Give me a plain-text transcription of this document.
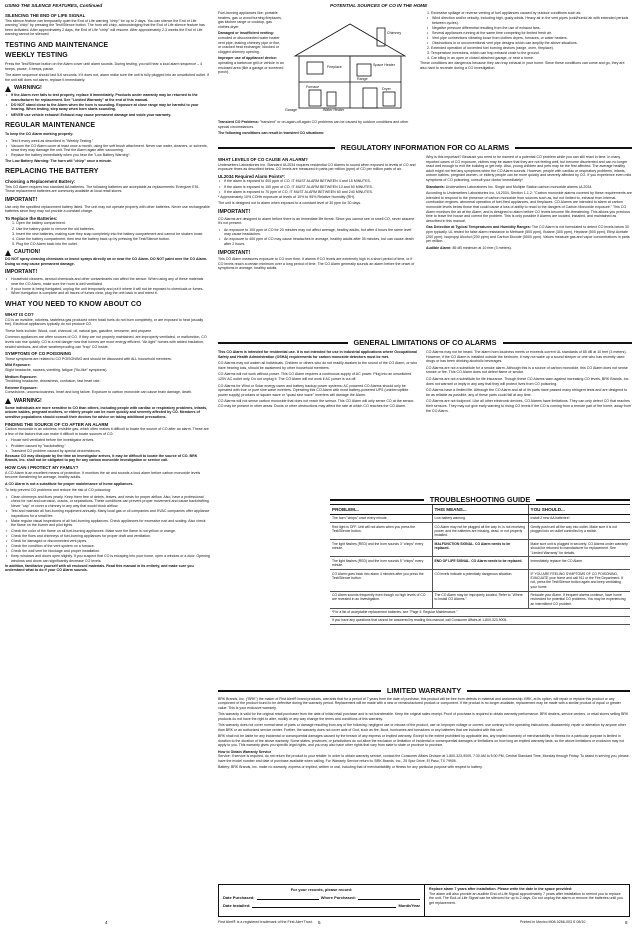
USING THE SILENCE FEATURES, Continued	POTENTIAL SOURCES OF CO IN THE HOME
SILENCING THE END OF LIFE SIGNAL
This silence feature can temporarily quiet the End of Life warning "chirp" for up to 2 days. You can silence the End of Life warning "chirp" by pressing the Test/Silence button. The horn will chirp, acknowledging that the End of Life silence feature has been activated. After approximately 2 days, the End of Life "chirp" will resume. After approximately 2-3 weeks the End of Life warning cannot be silenced.
TESTING AND MAINTENANCE
WEEKLY TESTING
Press the Test/Silence button on the Alarm cover until alarm sounds. During testing, you will hear a loud alarm sequence – 4 beeps, pause, 4 beeps, pause.
The alarm sequence should last 5-6 seconds. If it does not, alarm make sure the unit is fully plugged into an unswitched outlet. If the unit still does not alarm, replace it immediately.
WARNING!
• If the Alarm ever fails to test properly, replace it immediately. Products under warranty may be returned to the manufacturer for replacement. See "Limited Warranty" at the end of this manual.
• DO NOT stand close to the Alarm when the horn is sounding. Exposure at close range may be harmful to your hearing. When testing, step away when horn starts sounding.
• NEVER use vehicle exhaust! Exhaust may cause permanent damage and voids your warranty.
REGULAR MAINTENANCE
To keep the CO Alarm working properly:
• Test it every week as described in "Weekly Testing."
• Vacuum the CO Alarm cover at least once a month, using the soft brush attachment. Never use water, cleaners, or solvents, since they may damage the unit. Test the Alarm again after vacuuming.
• Replace the battery immediately when you hear the "Low Battery Warning".
The Low Battery Warning: The horn will "chirp" once a minute.
REPLACING THE BATTERY
Choosing a Replacement Battery:
This CO Alarm requires two standard AA batteries. The following batteries are acceptable as replacements: Energizer E91. These replacement batteries are commonly available at local retail stores.
IMPORTANT!
Use only the specified replacement battery listed. The unit may not operate properly with other batteries. Never use rechargeable batteries since they may not provide a constant charge.
To Replace the Batteries:
1. Open the battery compartment.
2. Use the battery guide to remove the old batteries.
3. Insert the new batteries, making sure they snap completely into the battery compartment and cannot be shaken loose.
4. Close the battery compartment, then test the battery back up by pressing the Test/Silence button.
5. Plug the CO Alarm back into the outlet.
CAUTION!
DO NOT spray cleaning chemicals or insect sprays directly on or near the CO Alarm. DO NOT paint over the CO Alarm. Doing so may cause permanent damage.
IMPORTANT!
• Household cleaners, aerosol chemicals and other contaminants can affect the sensor. When using any of these materials near the CO Alarm, make sure the room is well ventilated.
• If your home is being fumigated, unplug the unit temporarily and put it where it will not be exposed to chemicals or fumes. When fumigation is complete and all traces of fumes clear, plug the unit back in and retest it.
WHAT YOU NEED TO KNOW ABOUT CO
WHAT IS CO?
CO is an invisible, odorless, tasteless gas produced when fossil fuels do not burn completely, or are exposed to heat (usually fire). Electrical appliances typically do not produce CO.
These fuels include: Wood, coal, charcoal, oil, natural gas, gasoline, kerosene, and propane.
Common appliances are often sources of CO. If they are not properly maintained, are improperly ventilated, or malfunction, CO levels can rise quickly. CO is a real danger now that homes are more energy efficient. "Air-tight" homes with added insulation, sealed windows, and other weatherproofing can "trap" CO inside.
SYMPTOMS OF CO POISONING
These symptoms are related to CO POISONING and should be discussed with ALL household members.
Mild Exposure:
Slight headache, nausea, vomiting, fatigue ("flu-like" symptoms).
Medium Exposure:
Throbbing headache, drowsiness, confusion, fast heart rate.
Extreme Exposure:
Convulsions, unconsciousness, heart and lung failure. Exposure to carbon monoxide can cause brain damage, death.
WARNING!
Some individuals are more sensitive to CO than others, including people with cardiac or respiratory problems, infants, unborn babies, pregnant mothers, or elderly people can be more quickly and severely affected by CO. Members of sensitive populations should consult their doctors for advice on taking additional precautions.
FINDING THE SOURCE OF CO AFTER AN ALARM
Carbon monoxide is an odorless, invisible gas, which often makes it difficult to locate the source of CO after an alarm. These are a few of the factors that can make it difficult to locate sources of CO:
• House well ventilated before the investigator arrives.
• Problem caused by "backdrafting."
• Transient CO problem caused by special circumstances.
Because CO may dissipate by the time an investigator arrives, it may be difficult to locate the source of CO. BRK Brands, Inc. shall not be obligated to pay for any carbon monoxide investigation or service call.
HOW CAN I PROTECT MY FAMILY?
A CO Alarm is an excellent means of protection. It monitors the air and sounds a loud alarm before carbon monoxide levels become threatening for average, healthy adults.
A CO Alarm is not a substitute for proper maintenance of home appliances.
To help prevent CO problems and reduce the risk of CO poisoning:
• Clean chimneys and flues yearly. Keep them free of debris, leaves, and nests for proper airflow. Also, have a professional check for rust and corrosion, cracks, or separations. These conditions can prevent proper movement and cause backdrafting. Never "cap" or cover a chimney in any way that would block airflow.
• Test and maintain all fuel-burning equipment annually. Many local gas or oil companies and HVAC companies offer appliance inspections for a small fee.
• Make regular visual inspections of all fuel-burning appliances. Check appliances for excessive rust and scaling. Also check the flame on the burner and pilot lights.
• Check the color of the flame on all fuel-burning appliances. Make sure the flame is not yellow or orange.
• Check the flues and chimneys of fuel-burning appliances for proper draft and ventilation.
• Check for damaged or disconnected vent pipes.
• Check the condition of the vent system on a furnace.
• Check the wall vent for blockage and proper installation.
• Keep windows and doors open slightly. If you suspect that CO is escaping into your home, open a window or a door. Opening windows and doors can significantly decrease CO levels.
In addition, familiarize yourself with all enclosed materials. Read this manual in its entirety, and make sure you understand what to do if your CO Alarm sounds.
Fuel-burning appliances like: portable heaters, gas or wood burning fireplaces, gas kitchen range or cooktop, gas clothes dryer.
Damaged or insufficient venting:
corroded or disconnected water heater vent pipe, leaking chimney pipe or flue, or cracked heat exchanger, blocked or clogged chimney opening.
Improper use of appliance/ device:
operating a barbecue grill or vehicle in an enclosed area (like a garage or screened porch).
Transient CO Problems: "transient" or on-again-off-again CO problems can be caused by outdoor conditions and other special circumstances.
The following conditions can result in transient CO situations:
Furnace
Water Heater
Fireplace
Chimney
Range
Dryer
Garage
Space Heater
1. Excessive spillage or reverse venting of fuel appliances caused by outdoor conditions such as:
• Wind direction and/or velocity, including high, gusty winds. Heavy air in the vent pipes (cold/humid air with extended periods between cycles).
• Negative pressure differential resulting from the use of exhaust fans.
• Several appliances running at the same time competing for limited fresh air.
• Vent pipe connections vibrating loose from clothes dryers, furnaces, or water heaters.
• Obstructions in or unconventional vent pipe designs which can amplify the above situations.
2. Extended operation of unvented fuel burning devices (range, oven, fireplace).
3. Temperature inversions, which can trap exhaust close to the ground.
4. Car idling in an open or closed attached garage, or near a home.
These conditions are dangerous because they can trap exhaust in your home. Since these conditions can come and go, they are also hard to recreate during a CO investigation.
REGULATORY INFORMATION FOR CO ALARMS
WHAT LEVELS OF CO CAUSE AN ALARM?
Underwriters Laboratories Inc. Standard UL2034 requires residential CO Alarms to sound when exposed to levels of CO and exposure times as described below. CO levels are measured in parts per million (ppm) of CO per million parts of air.
UL2034 Required Alarm Points*:
• If the alarm is exposed to 400 ppm of CO, IT MUST ALARM BETWEEN 4 and 15 MINUTES.
• If the alarm is exposed to 150 ppm of CO, IT MUST ALARM BETWEEN 10 and 50 MINUTES.
• If the alarm is exposed to 70 ppm of CO, IT MUST ALARM BETWEEN 60 and 240 MINUTES.
* Approximately 10% COHb exposure at levels of 10% to 95% Relative Humidity (RH).
The unit is designed not to alarm when exposed to a constant level of 30 ppm for 30 days.
IMPORTANT!
CO Alarms are designed to alarm before there is an immediate life threat. Since you cannot see or smell CO, never assume it's not present.
• An exposure to 100 ppm of CO for 20 minutes may not affect average, healthy adults, but after 4 hours the same level may cause headaches.
• An exposure to 400 ppm of CO may cause headaches in average, healthy adults after 35 minutes, but can cause death after 2 hours.
IMPORTANT!
This CO Alarm measures exposure to CO over time. It alarms if CO levels are extremely high in a short period of time, or if CO levels reach a certain minimum over a long period of time. The CO Alarm generally sounds an alarm before the onset of symptoms in average, healthy adults.
Why is this important? Because you need to be warned of a potential CO problem while you can still react in time. In many reported cases of CO exposure, victims may be aware that they are not feeling well, but become disoriented and can no longer react well enough to exit the building or get help. Also, young children and pets may be the first affected. The average healthy adult might not feel any symptoms when the CO Alarm sounds. However, people with cardiac or respiratory problems, infants, unborn babies, pregnant women, or elderly people can be more quickly and severely affected by CO. If you experience even mild symptoms of CO poisoning, consult your doctor immediately!
Standards: Underwriters Laboratories Inc. Single and Multiple Station carbon monoxide alarms UL2034.
According to Underwriters Laboratories Inc. UL2034, Section 1-1.2: "Carbon monoxide alarms covered by these requirements are intended to respond to the presence of carbon monoxide from sources such as, but not limited to, exhaust from internal-combustion engines, abnormal operation of fuel-fired appliances, and fireplaces. CO Alarms are intended to alarm at carbon monoxide levels below those that could cause a loss of ability to react to the dangers of Carbon Monoxide exposure." This CO Alarm monitors the air at the Alarm, and is designed to alarm before CO levels become life-threatening. This allows you precious time to leave the house and correct the problem. This is only possible if Alarms are located, installed, and maintained as described in this manual.
Gas Detection at Typical Temperatures and Humidity Ranges: The CO Alarm is not formulated to detect CO levels below 30 ppm typically. UL tested for false alarm resistance to Methane (500 ppm), Butane (300 ppm), Heptane (500 ppm), Ethyl Acetate (200 ppm), Isopropyl Alcohol (200 ppm) and Carbon Dioxide (5000 ppm). Values measure gas and vapor concentrations in parts per million.
Audible Alarm: 85 dB minimum at 10 feet (3 meters).
GENERAL LIMITATIONS OF CO ALARMS
This CO Alarm is intended for residential use. It is not intended for use in industrial applications where Occupational Safety and Health Administration (OSHA) requirements for carbon monoxide detectors must be met.
CO Alarms may not waken all individuals. Children or others who do not readily awaken to the sound of the CO Alarm, or who have hearing loss, should be awakened by other household members.
CO Alarms will not work without power. This CO Alarm requires a continuous supply of AC power. Plug into an unswitched 120V AC outlet only. Do not unplug it. The CO Alarm will not work if AC power is cut off.
CO Alarms for Wind or Solar energy users and battery backup power systems: AC powered CO Alarms should only be operated with true or pure sine wave inverters. Operating this CO Alarm with most battery-powered UPS (uninterruptible power supply) products or square wave or "quasi sine wave" inverters will damage the Alarm.
CO Alarms will not sense carbon monoxide that does not reach the sensor. This CO Alarm will only sense CO at the sensor. CO may be present in other areas. Doors or other obstructions may affect the rate at which CO reaches the CO Alarm.
CO Alarms may not be heard. The alarm horn loudness meets or exceeds current UL standards of 85 dB at 10 feet (3 meters). However, if the CO Alarm is installed outside the bedroom, it may not wake up a sound sleeper or one who has recently used drugs or has been drinking alcoholic beverages.
CO Alarms are not a substitute for a smoke alarm. Although this is a source of carbon monoxide, this CO Alarm does not sense smoke or fire. This CO Alarm does not detect flame or smoke.
CO Alarms are not a substitute for life insurance. Though these CO Alarms warn against increasing CO levels, BRK Brands, Inc. does not warrant or imply in any way that they will protect lives from CO poisoning.
CO Alarms have a limited life. Although the CO Alarm and all of its parts have passed many stringent tests and are designed to be as reliable as possible, any of these parts could fail at any time.
CO Alarms are not foolproof. Like all other electronic devices, CO Alarms have limitations. They can only detect CO that reaches their sensors. They may not give early warning to rising CO levels if the CO is coming from a remote part of the home, away from the CO Alarm.
TROUBLESHOOTING GUIDE
PROBLEM...	THIS MEANS...	YOU SHOULD...
The horn "chirps" once every minute.	Low battery warning.	Install 2 new AA batteries*.
Red light is OFF. Unit will not alarm when you press the Test/Silence button.	CO Alarm may not be plugged all the way in, is not receiving power, and the batteries are missing, dead, or not properly installed.	Gently push unit all the way into outlet. Make sure it is not plugged into an outlet controlled by a switch.
The light flashes (RED) and the horn sounds 3 "chirps" every minute.	MALFUNCTION SIGNAL. CO Alarm needs to be replaced.	Make sure unit is plugged in securely. CO Alarms under warranty should be returned to manufacturer for replacement. See "Limited Warranty" for details.
The light flashes (RED) and the horn sounds 5 "chirps" every minute.	END OF LIFE SIGNAL. CO Alarm needs to be replaced.	Immediately replace the CO Alarm.
CO Alarm goes back into alarm 4 minutes after you press the Test/Silence button.	CO levels indicate a potentially dangerous situation.	IF YOU ARE FEELING SYMPTOMS OF CO POISONING, EVACUATE your home and call 911 or the Fire Department. If not, press the Test/Silence button again and keep ventilating your home.
CO Alarm sounds frequently even though no high levels of CO are revealed in an investigation.	The CO Alarm may be improperly located. Refer to "Where to Install CO Alarms."	Relocate your Alarm. If frequent alarms continue, have home rechecked for potential CO problems. You may be experiencing an intermittent CO problem.
*For a list of acceptable replacement batteries, see "Page 4: Regular Maintenance."		
If you have any questions that cannot be answered by reading this manual, call Consumer Affairs at 1-800-323-9005.		
LIMITED WARRANTY
BRK Brands, Inc. ("BRK") the maker of First Alert® brand products, warrants that for a period of 7 years from the date of purchase, this product will be free from defects in material and workmanship. BRK, at its option, will repair or replace this product or any component of the product found to be defective during the warranty period. Replacement will be made with a new or remanufactured product or component. If the product is no longer available, replacement may be made with a similar product of equal or greater value. This is your exclusive warranty.
This warranty is valid for the original retail purchaser from the date of initial retail purchase and is not transferable. Keep the original sales receipt. Proof of purchase is required to obtain warranty performance. BRK dealers, service centers, or retail stores selling BRK products do not have the right to alter, modify or any way change the terms and conditions of this warranty.
This warranty does not cover normal wear of parts or damage resulting from any of the following: negligent use or misuse of the product, use on improper voltage or current, use contrary to the operating instructions, disassembly, repair or alteration by anyone other than BRK or an authorized service center. Further, the warranty does not cover acts of God, such as fire, flood, hurricanes and tornadoes or any batteries that are included with this unit.
BRK shall not be liable for any incidental or consequential damages caused by the breach of any express or implied warranty. Except to the extent prohibited by applicable law, any implied warranty of merchantability or fitness for a particular purpose is limited in duration to the duration of the above warranty. Some states, provinces, or jurisdictions do not allow the exclusion or limitation of incidental or consequential damages or limitations on how long an implied warranty lasts, so the above limitations or exclusion may not apply to you. This warranty gives you specific legal rights, and you may also have other rights that vary from state to state or province to province.
How to Obtain Warranty Service
Service: If service is required, do not return the product to your retailer. In order to obtain warranty service, contact the Consumer Affairs Division at 1-800-323-9005, 7:30 AM to 5:00 PM, Central Standard Time, Monday through Friday. To assist in serving you, please have the model number and date of purchase available when calling. For Warranty Service return to: BRK Brands, Inc., 25 Spur Drive, El Paso, TX 79906.
Battery: BRK Brands, Inc. make no warranty, express or implied, written or oral, including that of merchantability or fitness for any particular purpose with respect to battery.
For your records, please record:
Date Purchased:	Where Purchased:
Date Installed:	Month/Year
Replace alarm 7 years after installation. Please write the date in the space provided:
The alarm will also provide an audible End-of-Life Signal approximately 7 years after installation to remind you to replace the unit. The End-of-Life Signal can be silenced for up to 2 days. Do not unplug the alarm or remove the batteries until you get replacement.
4	5	6
First Alert® is a registered trademark of the First Alert Trust.	Printed in Mexico M08-0266-003 S 08/10
